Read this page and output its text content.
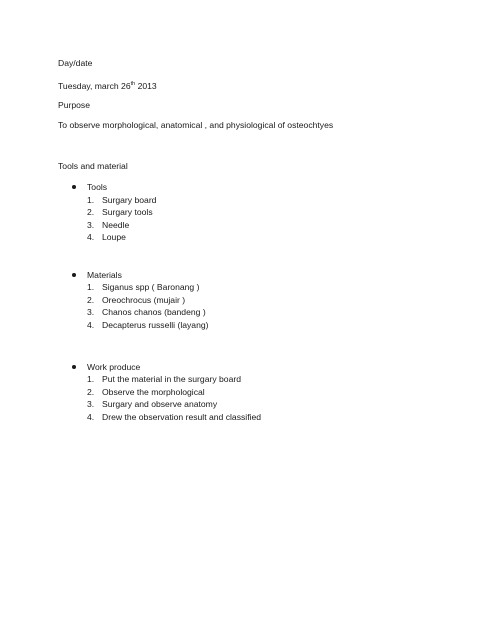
Day/date
Tuesday, march 26th 2013
Purpose
To observe morphological, anatomical , and physiological of osteochtyes
Tools and material
Tools
1. Surgary board
2. Surgary tools
3. Needle
4. Loupe
Materials
1. Siganus spp ( Baronang )
2. Oreochrocus (mujair )
3. Chanos chanos (bandeng )
4. Decapterus russelli (layang)
Work produce
1. Put the material in the surgary board
2. Observe the morphological
3. Surgary and observe anatomy
4. Drew the observation result and classified
